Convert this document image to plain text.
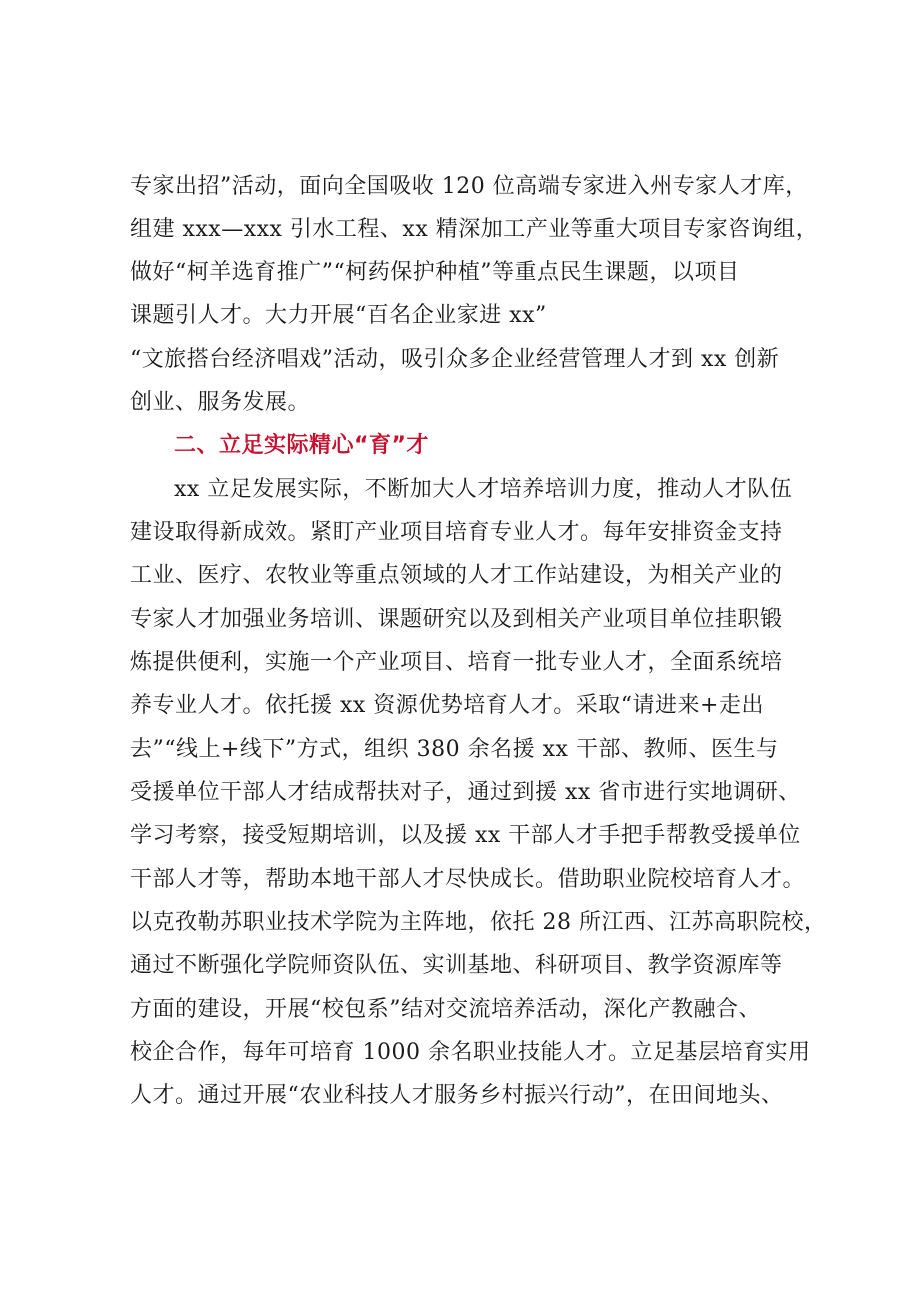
专家出招”活动，面向全国吸收 120 位高端专家进入州专家人才库，
组建 xxx—xxx 引水工程、xx 精深加工产业等重大项目专家咨询组，
做好“柯羊选育推广”“柯药保护种植”等重点民生课题，以项目
课题引人才。大力开展“百名企业家进 xx”
“文旅搭台经济唱戏”活动，吸引众多企业经营管理人才到 xx 创新
创业、服务发展。
二、立足实际精心“育”才
xx 立足发展实际，不断加大人才培养培训力度，推动人才队伍
建设取得新成效。紧盯产业项目培育专业人才。每年安排资金支持
工业、医疗、农牧业等重点领域的人才工作站建设，为相关产业的
专家人才加强业务培训、课题研究以及到相关产业项目单位挂职锻
炼提供便利，实施一个产业项目、培育一批专业人才，全面系统培
养专业人才。依托援 xx 资源优势培育人才。采取“请进来+走出
去”“线上+线下”方式，组织 380 余名援 xx 干部、教师、医生与
受援单位干部人才结成帮扶对子，通过到援 xx 省市进行实地调研、
学习考察，接受短期培训，以及援 xx 干部人才手把手帮教受援单位
干部人才等，帮助本地干部人才尽快成长。借助职业院校培育人才。
以克孜勒苏职业技术学院为主阵地，依托 28 所江西、江苏高职院校，
通过不断强化学院师资队伍、实训基地、科研项目、教学资源库等
方面的建设，开展“校包系”结对交流培养活动，深化产教融合、
校企合作，每年可培育 1000 余名职业技能人才。立足基层培育实用
人才。通过开展“农业科技人才服务乡村振兴行动”，在田间地头、
